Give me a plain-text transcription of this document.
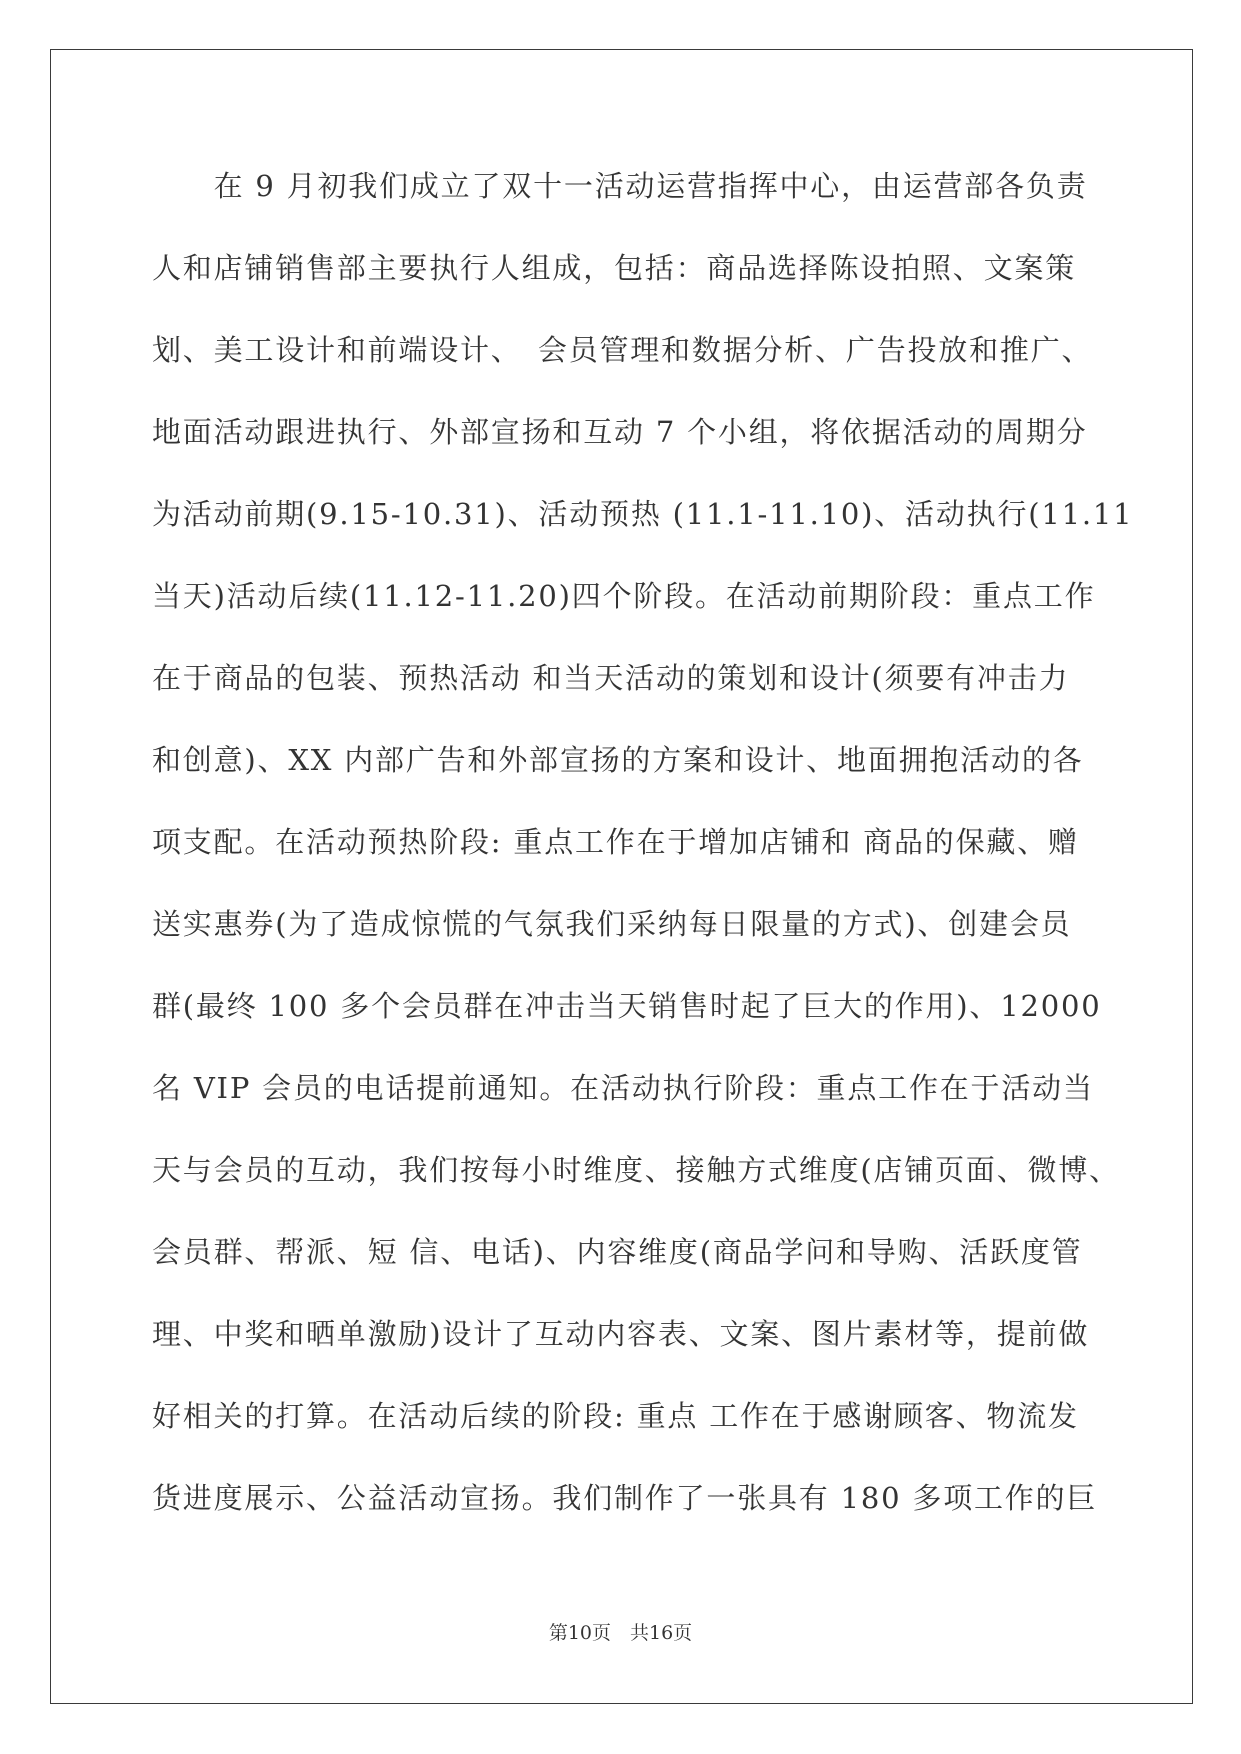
　　在 9 月初我们成立了双十一活动运营指挥中心，由运营部各负责
人和店铺销售部主要执行人组成，包括：商品选择陈设拍照、文案策
划、美工设计和前端设计、　会员管理和数据分析、广告投放和推广、
地面活动跟进执行、外部宣扬和互动 7 个小组，将依据活动的周期分
为活动前期(9.15-10.31)、活动预热 (11.1-11.10)、活动执行(11.11
当天)活动后续(11.12-11.20)四个阶段。在活动前期阶段：重点工作
在于商品的包装、预热活动 和当天活动的策划和设计(须要有冲击力
和创意)、XX 内部广告和外部宣扬的方案和设计、地面拥抱活动的各
项支配。在活动预热阶段: 重点工作在于增加店铺和 商品的保藏、赠
送实惠券(为了造成惊慌的气氛我们采纳每日限量的方式)、创建会员
群(最终 100 多个会员群在冲击当天销售时起了巨大的作用)、12000
名 VIP 会员的电话提前通知。在活动执行阶段：重点工作在于活动当
天与会员的互动，我们按每小时维度、接触方式维度(店铺页面、微博、
会员群、帮派、短 信、电话)、内容维度(商品学问和导购、活跃度管
理、中奖和晒单激励)设计了互动内容表、文案、图片素材等，提前做
好相关的打算。在活动后续的阶段: 重点 工作在于感谢顾客、物流发
货进度展示、公益活动宣扬。我们制作了一张具有 180 多项工作的巨
第10页　共16页
